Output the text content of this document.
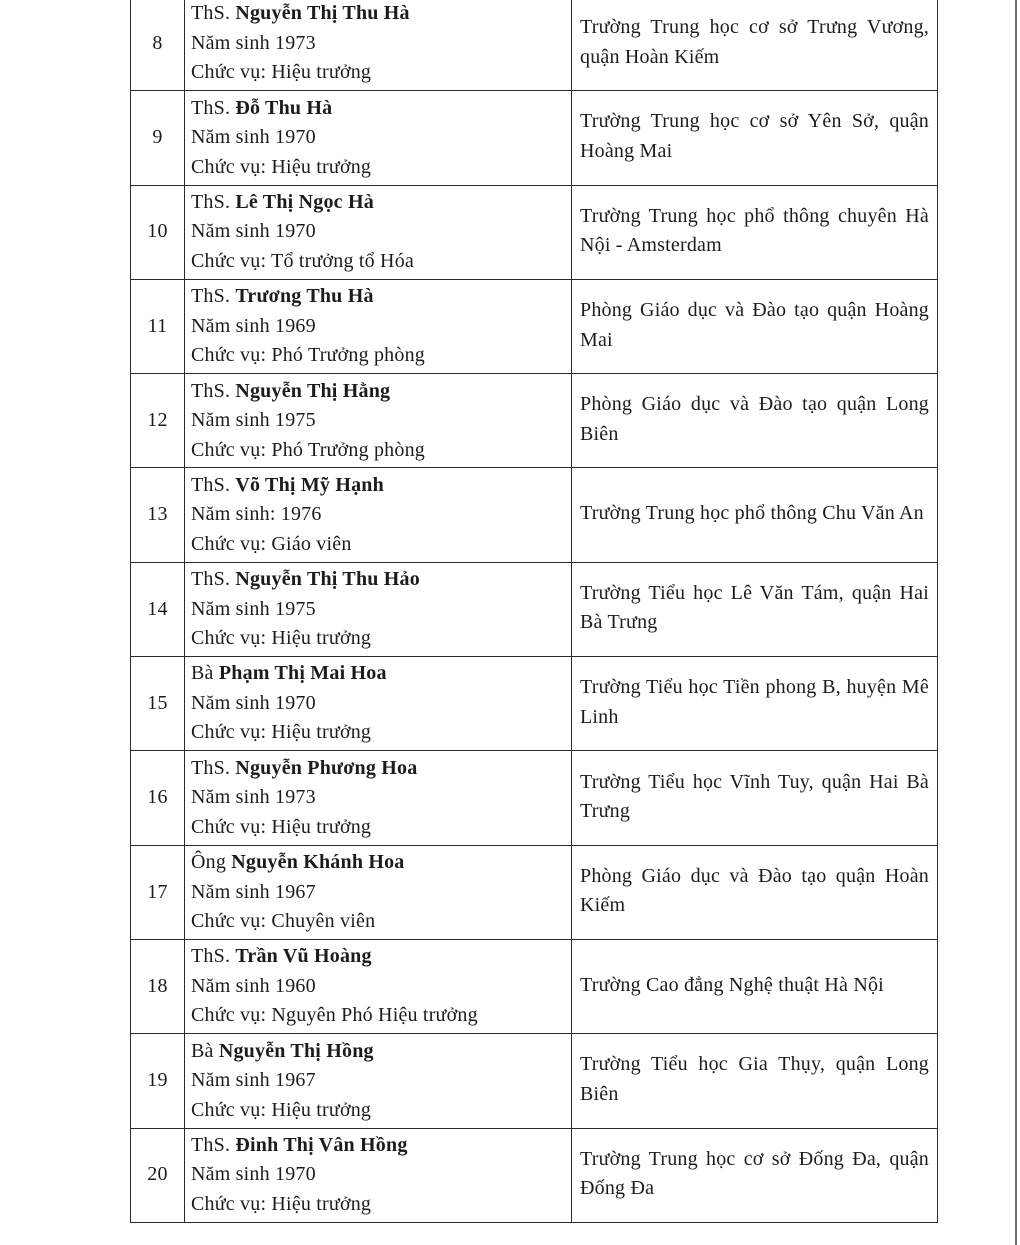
8	ThS. Nguyễn Thị Thu Hà
Năm sinh 1973
Chức vụ: Hiệu trưởng	Trường Trung học cơ sở Trưng Vương, quận Hoàn Kiếm
9	ThS. Đỗ Thu Hà
Năm sinh 1970
Chức vụ: Hiệu trưởng	Trường Trung học cơ sở Yên Sở, quận Hoàng Mai
10	ThS. Lê Thị Ngọc Hà
Năm sinh 1970
Chức vụ: Tổ trưởng tổ Hóa	Trường Trung học phổ thông chuyên Hà Nội - Amsterdam
11	ThS. Trương Thu Hà
Năm sinh 1969
Chức vụ: Phó Trưởng phòng	Phòng Giáo dục và Đào tạo quận Hoàng Mai
12	ThS. Nguyễn Thị Hằng
Năm sinh 1975
Chức vụ: Phó Trưởng phòng	Phòng Giáo dục và Đào tạo quận Long Biên
13	ThS. Võ Thị Mỹ Hạnh
Năm sinh: 1976
Chức vụ: Giáo viên	Trường Trung học phổ thông Chu Văn An
14	ThS. Nguyễn Thị Thu Hảo
Năm sinh 1975
Chức vụ: Hiệu trưởng	Trường Tiểu học Lê Văn Tám, quận Hai Bà Trưng
15	Bà Phạm Thị Mai Hoa
Năm sinh 1970
Chức vụ: Hiệu trưởng	Trường Tiểu học Tiền phong B, huyện Mê Linh
16	ThS. Nguyễn Phương Hoa
Năm sinh 1973
Chức vụ: Hiệu trưởng	Trường Tiểu học Vĩnh Tuy, quận Hai Bà Trưng
17	Ông Nguyễn Khánh Hoa
Năm sinh 1967
Chức vụ: Chuyên viên	Phòng Giáo dục và Đào tạo quận Hoàn Kiếm
18	ThS. Trần Vũ Hoàng
Năm sinh 1960
Chức vụ: Nguyên Phó Hiệu trưởng	Trường Cao đẳng Nghệ thuật Hà Nội
19	Bà Nguyễn Thị Hồng
Năm sinh 1967
Chức vụ: Hiệu trưởng	Trường Tiểu học Gia Thụy, quận Long Biên
20	ThS. Đinh Thị Vân Hồng
Năm sinh 1970
Chức vụ: Hiệu trưởng	Trường Trung học cơ sở Đống Đa, quận Đống Đa
